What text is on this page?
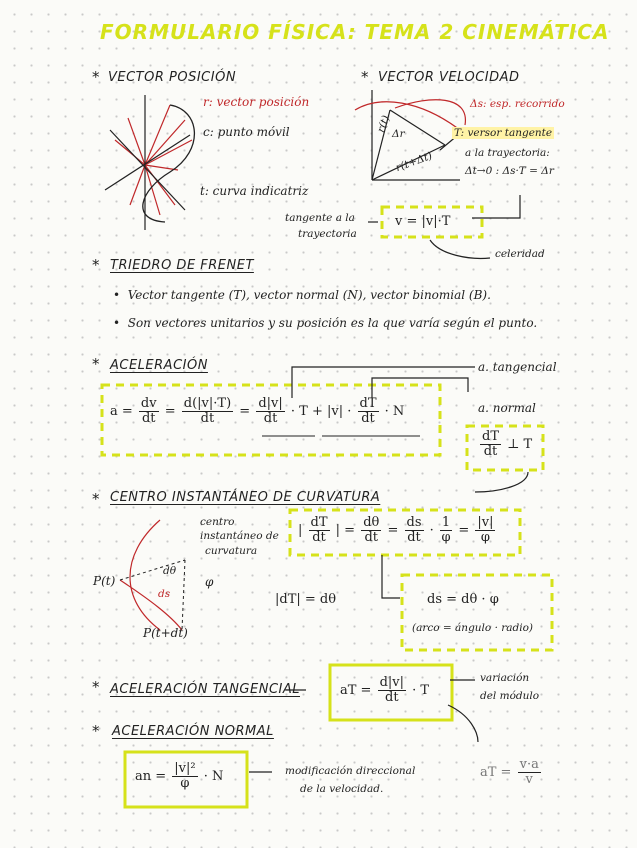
FORMULARIO FÍSICA: TEMA 2 CINEMÁTICA
* VECTOR POSICIÓN
r: vector posición
c: punto móvil
t: curva indicatriz
* VECTOR VELOCIDAD
Δs: esp. recorrido
T: versor tangente
a la trayectoria:
Δt→0 : Δs·T = Δr
r(t) Δr
r(t+Δt)
tangente a la
trayectoria
v = |v|·T
celeridad
* TRIEDRO DE FRENET
•  Vector tangente (T), vector normal (N), vector binomial (B).
•  Son vectores unitarios y su posición es la que varía según el punto.
* ACELERACIÓN	a. tangencial
a. normal
$a = \frac{dv}{dt} = \frac{d(|v|\cdot T)}{dt} = \frac{d|v|}{dt} \cdot T + |v| \cdot \frac{dT}{dt} \cdot N$
$\frac{dT}{dt}$ ⊥ T
* CENTRO INSTANTÁNEO DE CURVATURA
centro
instantáneo de
curvatura
P(t)
P(t+dt)
dθ
ds
φ
| $\frac{dT}{dt}$ | = $\frac{d\theta}{dt} = \frac{ds}{dt} \cdot \frac{1}{\varphi} = \frac{|v|}{\varphi}$
|dT| = dθ	ds = dθ · φ
(arco = ángulo · radio)
* ACELERACIÓN TANGENCIAL	aT = $\frac{d|v|}{dt} \cdot T$
variación
del módulo
aT = $\frac{v\cdot a}{v}$
* ACELERACIÓN NORMAL
an = $\frac{\text{|v|²}}{\varphi} \cdot N$	modificación direccional
de la velocidad.
